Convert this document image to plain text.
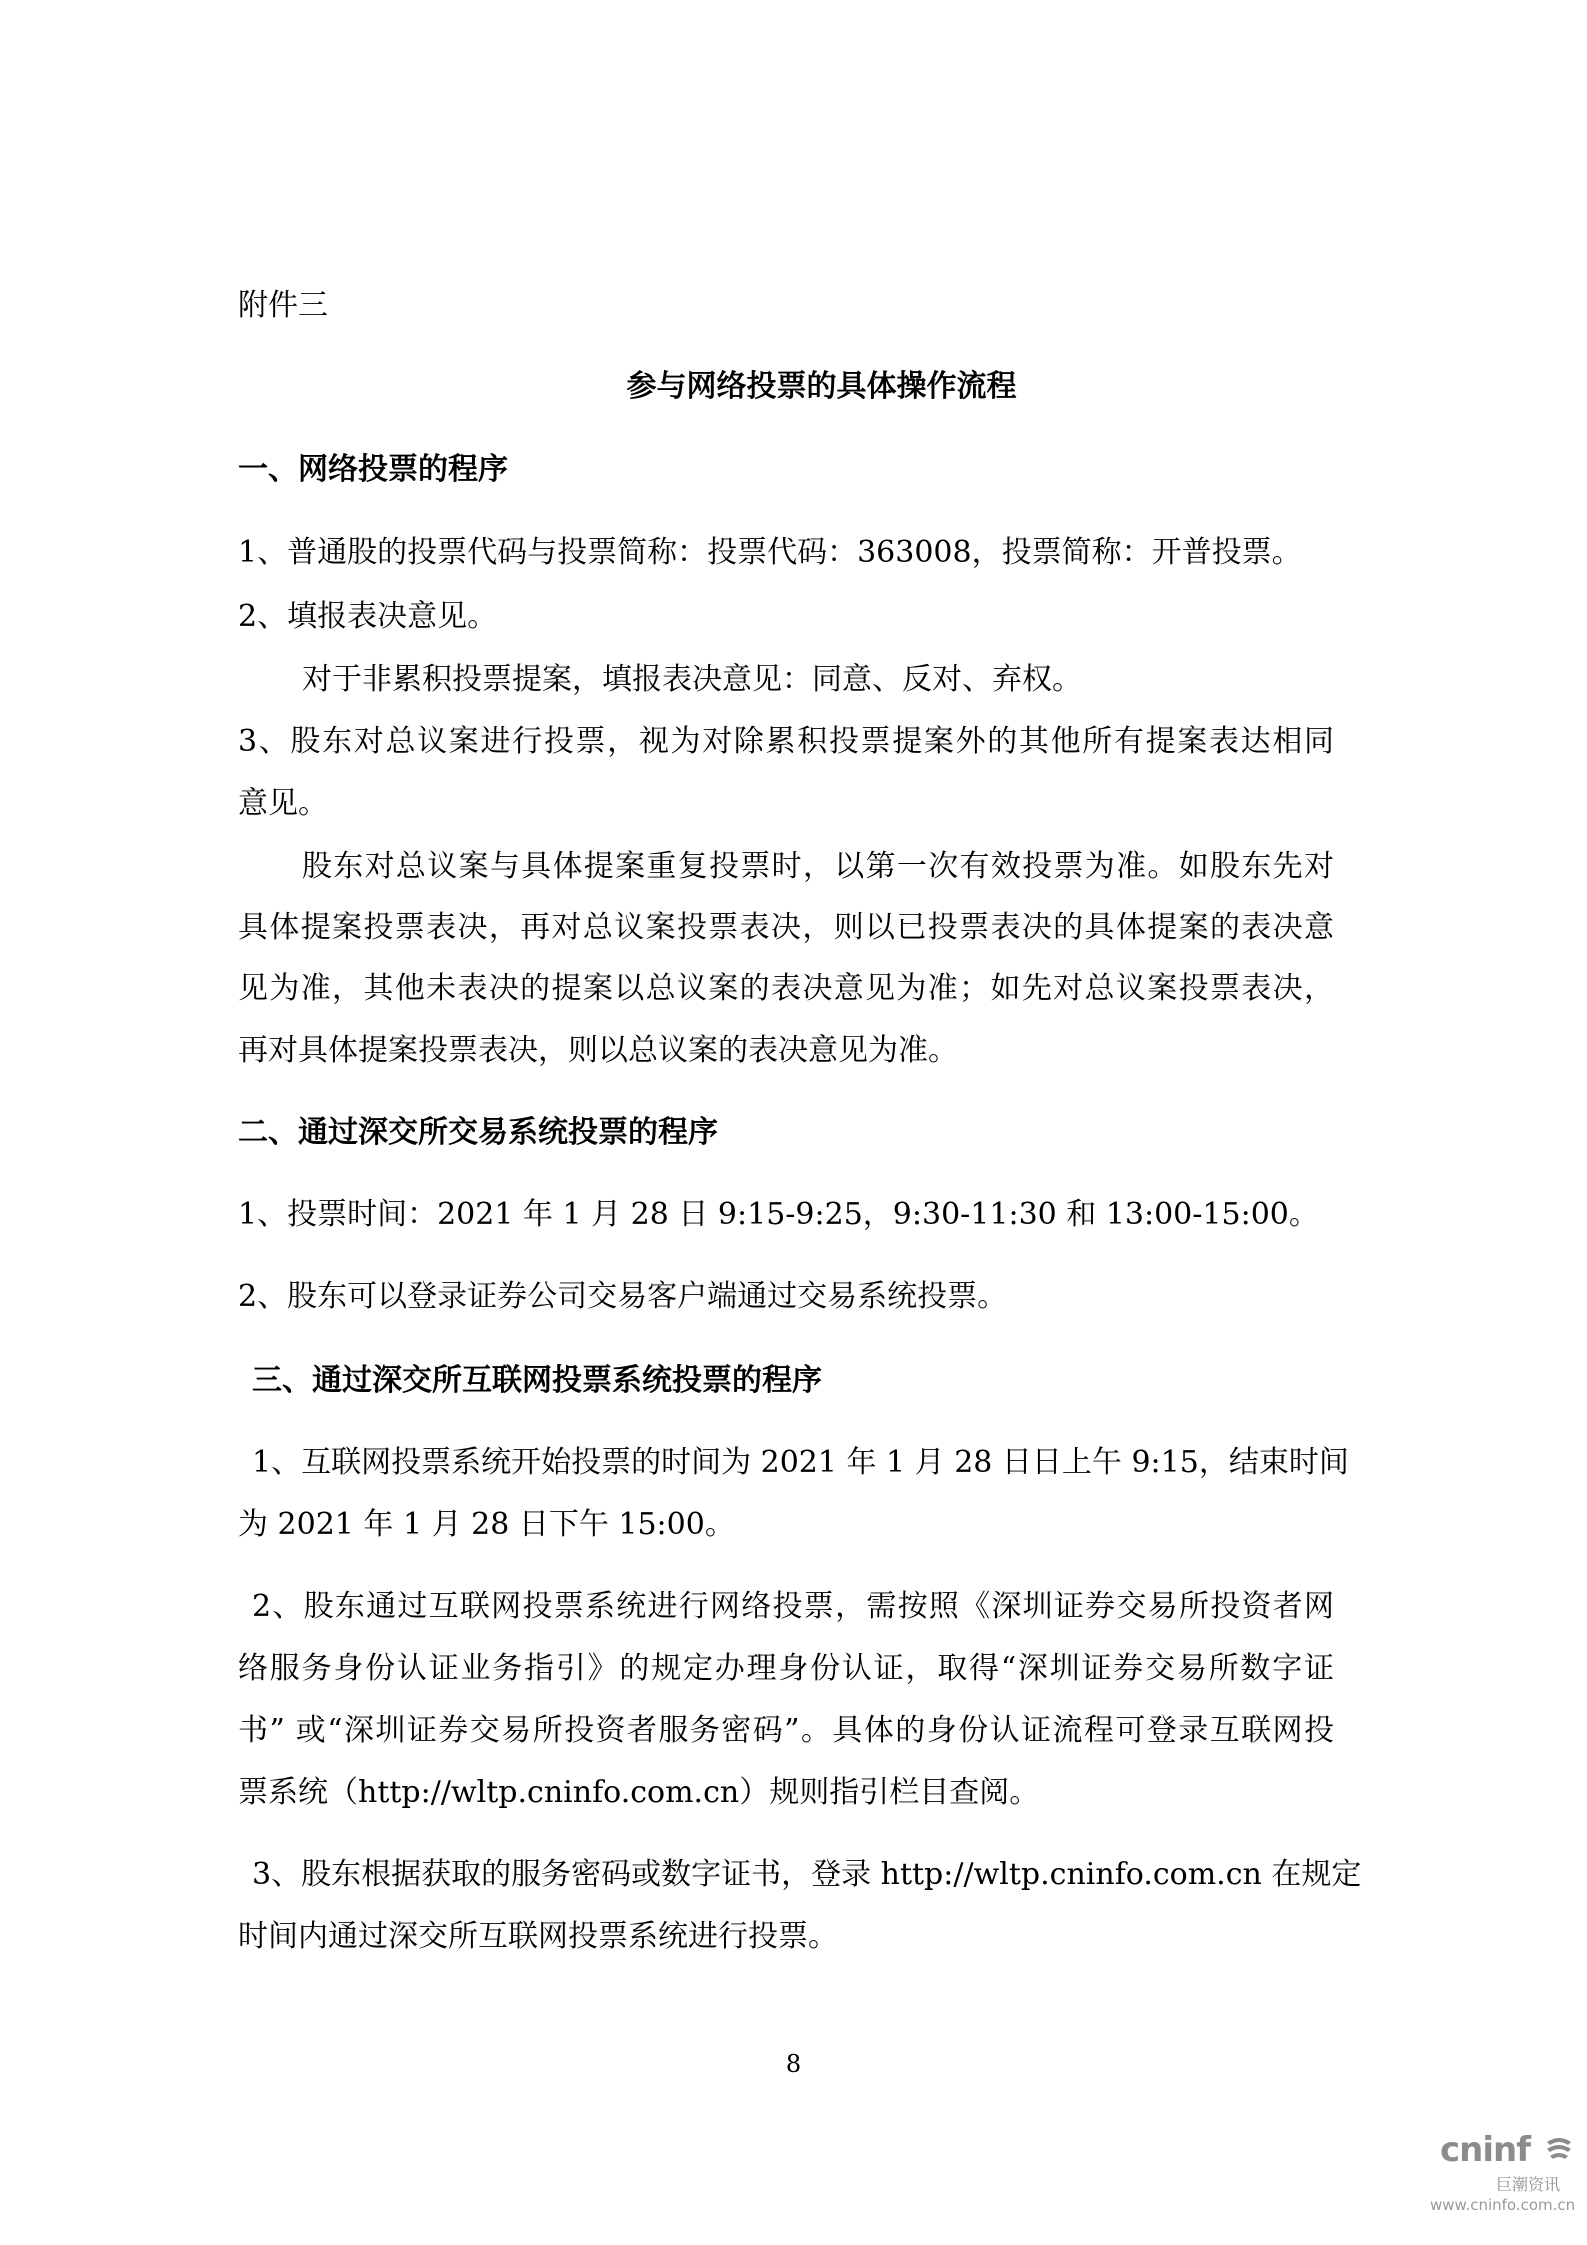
附件三
参与网络投票的具体操作流程
一、网络投票的程序
1、普通股的投票代码与投票简称：投票代码：363008，投票简称：开普投票。
2、填报表决意见。
对于非累积投票提案，填报表决意见：同意、反对、弃权。
3、股东对总议案进行投票，视为对除累积投票提案外的其他所有提案表达相同
意见。
股东对总议案与具体提案重复投票时，以第一次有效投票为准。如股东先对
具体提案投票表决，再对总议案投票表决，则以已投票表决的具体提案的表决意
见为准，其他未表决的提案以总议案的表决意见为准；如先对总议案投票表决，
再对具体提案投票表决，则以总议案的表决意见为准。
二、通过深交所交易系统投票的程序
1、投票时间：2021 年 1 月 28 日 9:15-9:25，9:30-11:30 和 13:00-15:00。
2、股东可以登录证券公司交易客户端通过交易系统投票。
三、通过深交所互联网投票系统投票的程序
1、互联网投票系统开始投票的时间为 2021 年 1 月 28 日日上午 9:15，结束时间
为 2021 年 1 月 28 日下午 15:00。
2、股东通过互联网投票系统进行网络投票，需按照《深圳证券交易所投资者网
络服务身份认证业务指引》的规定办理身份认证，取得“深圳证券交易所数字证
书” 或“深圳证券交易所投资者服务密码”。具体的身份认证流程可登录互联网投
票系统（http://wltp.cninfo.com.cn）规则指引栏目查阅。
3、股东根据获取的服务密码或数字证书，登录 http://wltp.cninfo.com.cn 在规定
时间内通过深交所互联网投票系统进行投票。
8
cninf
巨潮资讯
www.cninfo.com.cn
